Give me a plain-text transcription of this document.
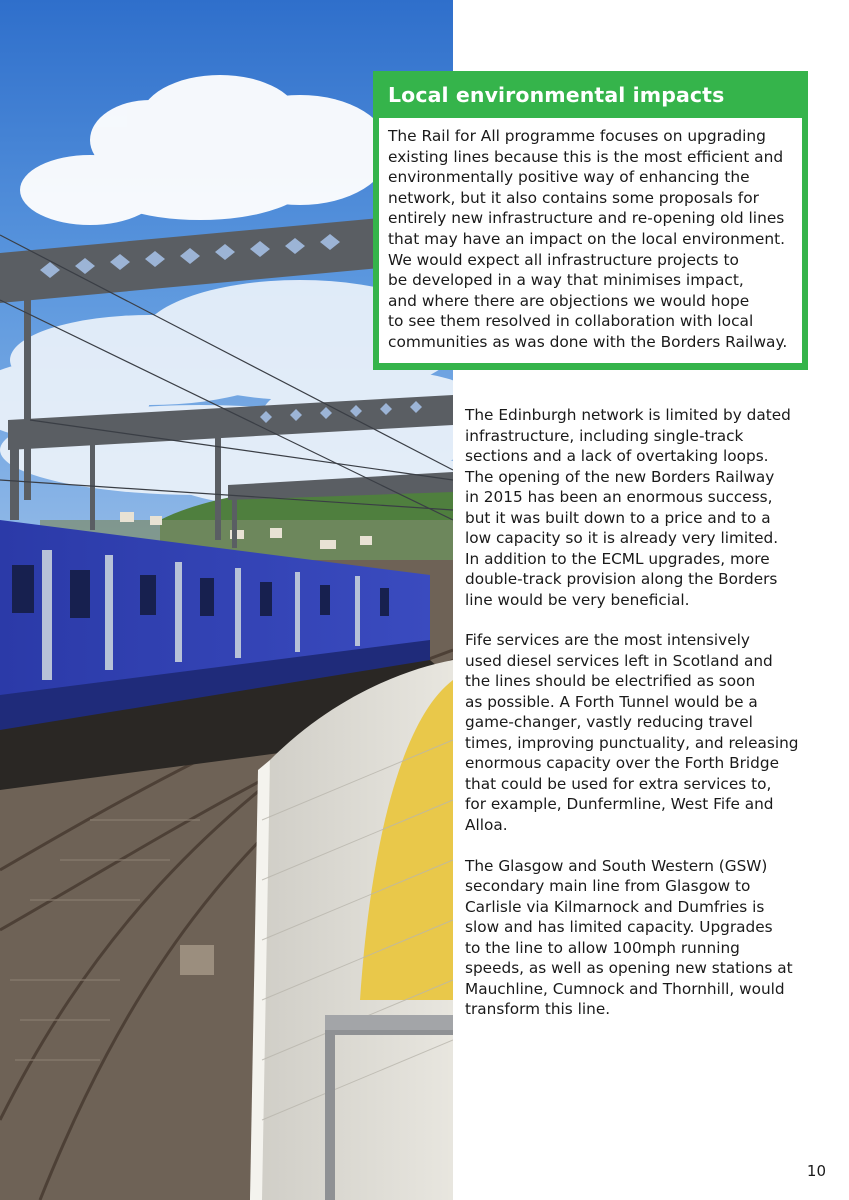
Local environmental impacts
The Rail for All programme focuses on upgrading
existing lines because this is the most efficient and
environmentally positive way of enhancing the
network, but it also contains some proposals for
entirely new infrastructure and re-opening old lines
that may have an impact on the local environment.
We would expect all infrastructure projects to
be developed in a way that minimises impact,
and where there are objections we would hope
to see them resolved in collaboration with local
communities as was done with the Borders Railway.

The Edinburgh network is limited by dated
infrastructure, including single-track
sections and a lack of overtaking loops.
The opening of the new Borders Railway
in 2015 has been an enormous success,
but it was built down to a price and to a
low capacity so it is already very limited.
In addition to the ECML upgrades, more
double-track provision along the Borders
line would be very beneficial.

Fife services are the most intensively
used diesel services left in Scotland and
the lines should be electrified as soon
as possible. A Forth Tunnel would be a
game-changer, vastly reducing travel
times, improving punctuality, and releasing
enormous capacity over the Forth Bridge
that could be used for extra services to,
for example, Dunfermline, West Fife and
Alloa.

The Glasgow and South Western (GSW)
secondary main line from Glasgow to
Carlisle via Kilmarnock and Dumfries is
slow and has limited capacity. Upgrades
to the line to allow 100mph running
speeds, as well as opening new stations at
Mauchline, Cumnock and Thornhill, would
transform this line.

10
